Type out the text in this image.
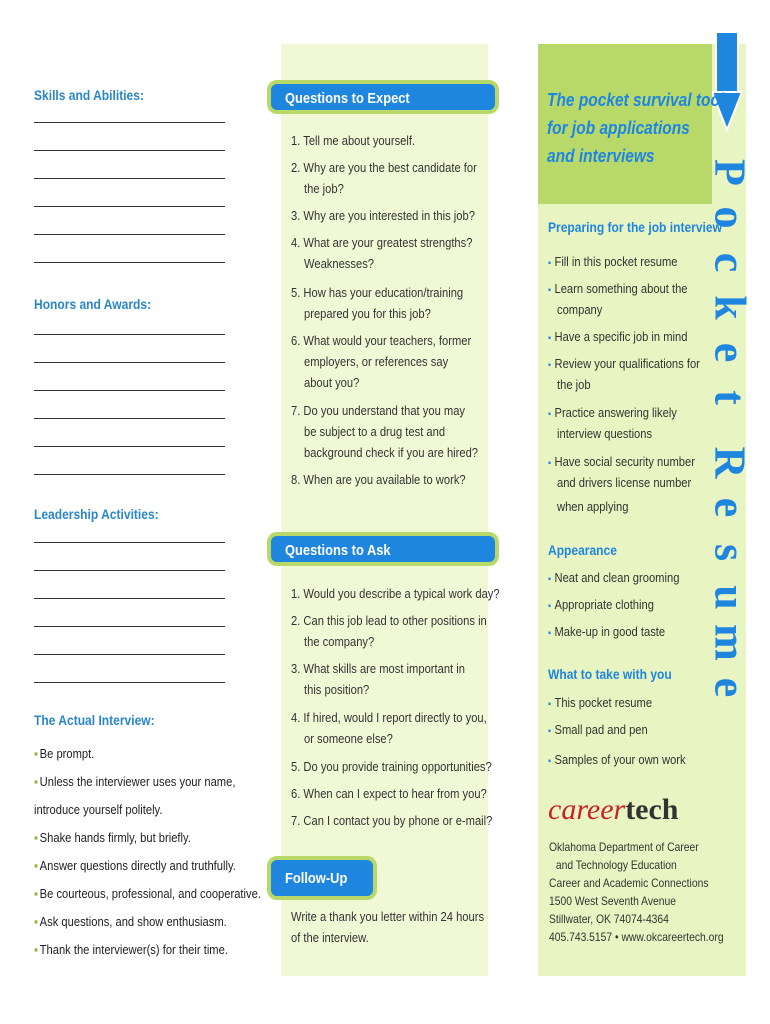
Skills and Abilities:
Honors and Awards:
Leadership Activities:
The Actual Interview:
▪ Be prompt.
▪ Unless the interviewer uses your name,
introduce yourself politely.
▪ Shake hands firmly, but briefly.
▪ Answer questions directly and truthfully.
▪ Be courteous, professional, and cooperative.
▪ Ask questions, and show enthusiasm.
▪ Thank the interviewer(s) for their time.
Questions to Expect
1. Tell me about yourself.
2. Why are you the best candidate for
the job?
3. Why are you interested in this job?
4. What are your greatest strengths?
Weaknesses?
5. How has your education/training
prepared you for this job?
6. What would your teachers, former
employers, or references say
about you?
7. Do you understand that you may
be subject to a drug test and
background check if you are hired?
8. When are you available to work?
Questions to Ask
1. Would you describe a typical work day?
2. Can this job lead to other positions in
the company?
3. What skills are most important in
this position?
4. If hired, would I report directly to you,
or someone else?
5. Do you provide training opportunities?
6. When can I expect to hear from you?
7. Can I contact you by phone or e-mail?
Follow-Up
Write a thank you letter within 24 hours
of the interview.
The pocket survival tool
for job applications
and interviews
P
o
c
k
e
t

R
e
s
u
m
e
Preparing for the job interview
▪ Fill in this pocket resume
▪ Learn something about the
company
▪ Have a specific job in mind
▪ Review your qualifications for
the job
▪ Practice answering likely
interview questions
▪ Have social security number
and drivers license number
when applying
Appearance
▪ Neat and clean grooming
▪ Appropriate clothing
▪ Make-up in good taste
What to take with you
▪ This pocket resume
▪ Small pad and pen
▪ Samples of your own work
careertech
Oklahoma Department of Career
and Technology Education
Career and Academic Connections
1500 West Seventh Avenue
Stillwater, OK 74074-4364
405.743.5157 • www.okcareertech.org
